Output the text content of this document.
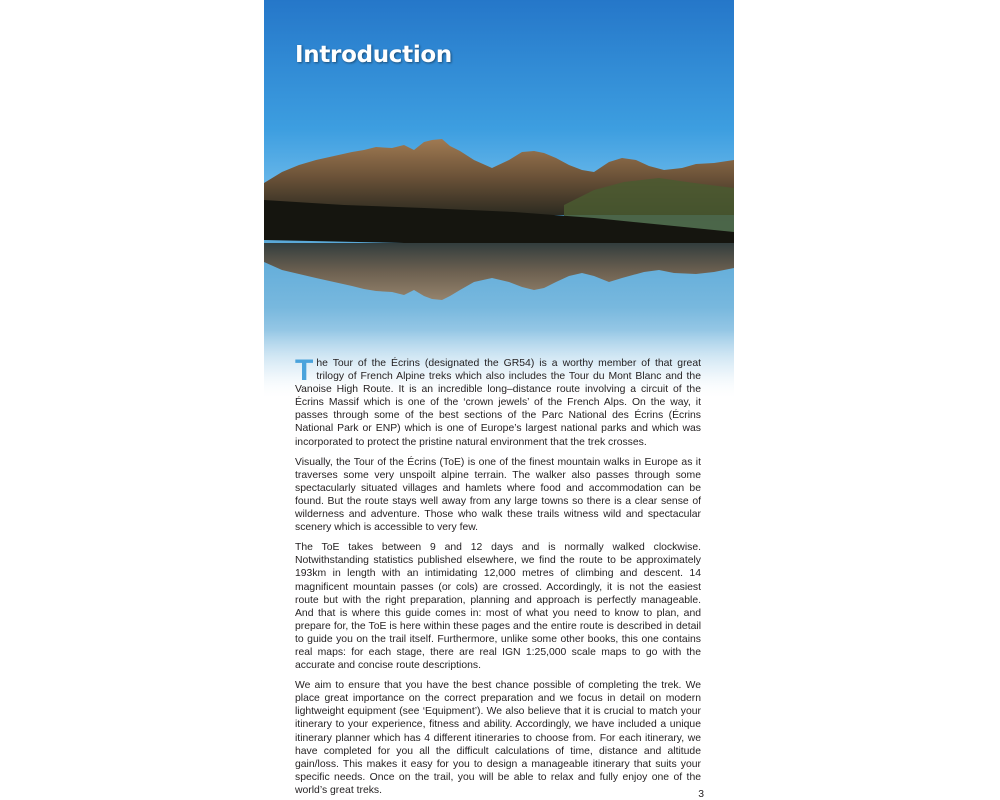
Introduction

The Tour of the Écrins (designated the GR54) is a worthy member of that great trilogy of French Alpine treks which also includes the Tour du Mont Blanc and the Vanoise High Route. It is an incredible long–distance route involving a circuit of the Écrins Massif which is one of the ‘crown jewels’ of the French Alps. On the way, it passes through some of the best sections of the Parc National des Écrins (Écrins National Park or ENP) which is one of Europe’s largest national parks and which was incorporated to protect the pristine natural environment that the trek crosses.

Visually, the Tour of the Écrins (ToE) is one of the finest mountain walks in Europe as it traverses some very unspoilt alpine terrain. The walker also passes through some spectacularly situated villages and hamlets where food and accommodation can be found. But the route stays well away from any large towns so there is a clear sense of wilderness and adventure. Those who walk these trails witness wild and spectacular scenery which is accessible to very few.

The ToE takes between 9 and 12 days and is normally walked clockwise. Notwithstanding statistics published elsewhere, we find the route to be approximately 193km in length with an intimidating 12,000 metres of climbing and descent. 14 magnificent mountain passes (or cols) are crossed. Accordingly, it is not the easiest route but with the right preparation, planning and approach is perfectly manageable. And that is where this guide comes in: most of what you need to know to plan, and prepare for, the ToE is here within these pages and the entire route is described in detail to guide you on the trail itself. Furthermore, unlike some other books, this one contains real maps: for each stage, there are real IGN 1:25,000 scale maps to go with the accurate and concise route descriptions.

We aim to ensure that you have the best chance possible of completing the trek. We place great importance on the correct preparation and we focus in detail on modern lightweight equipment (see ‘Equipment’). We also believe that it is crucial to match your itinerary to your experience, fitness and ability. Accordingly, we have included a unique itinerary planner which has 4 different itineraries to choose from. For each itinerary, we have completed for you all the difficult calculations of time, distance and altitude gain/loss. This makes it easy for you to design a manageable itinerary that suits your specific needs. Once on the trail, you will be able to relax and fully enjoy one of the world’s great treks.	3
